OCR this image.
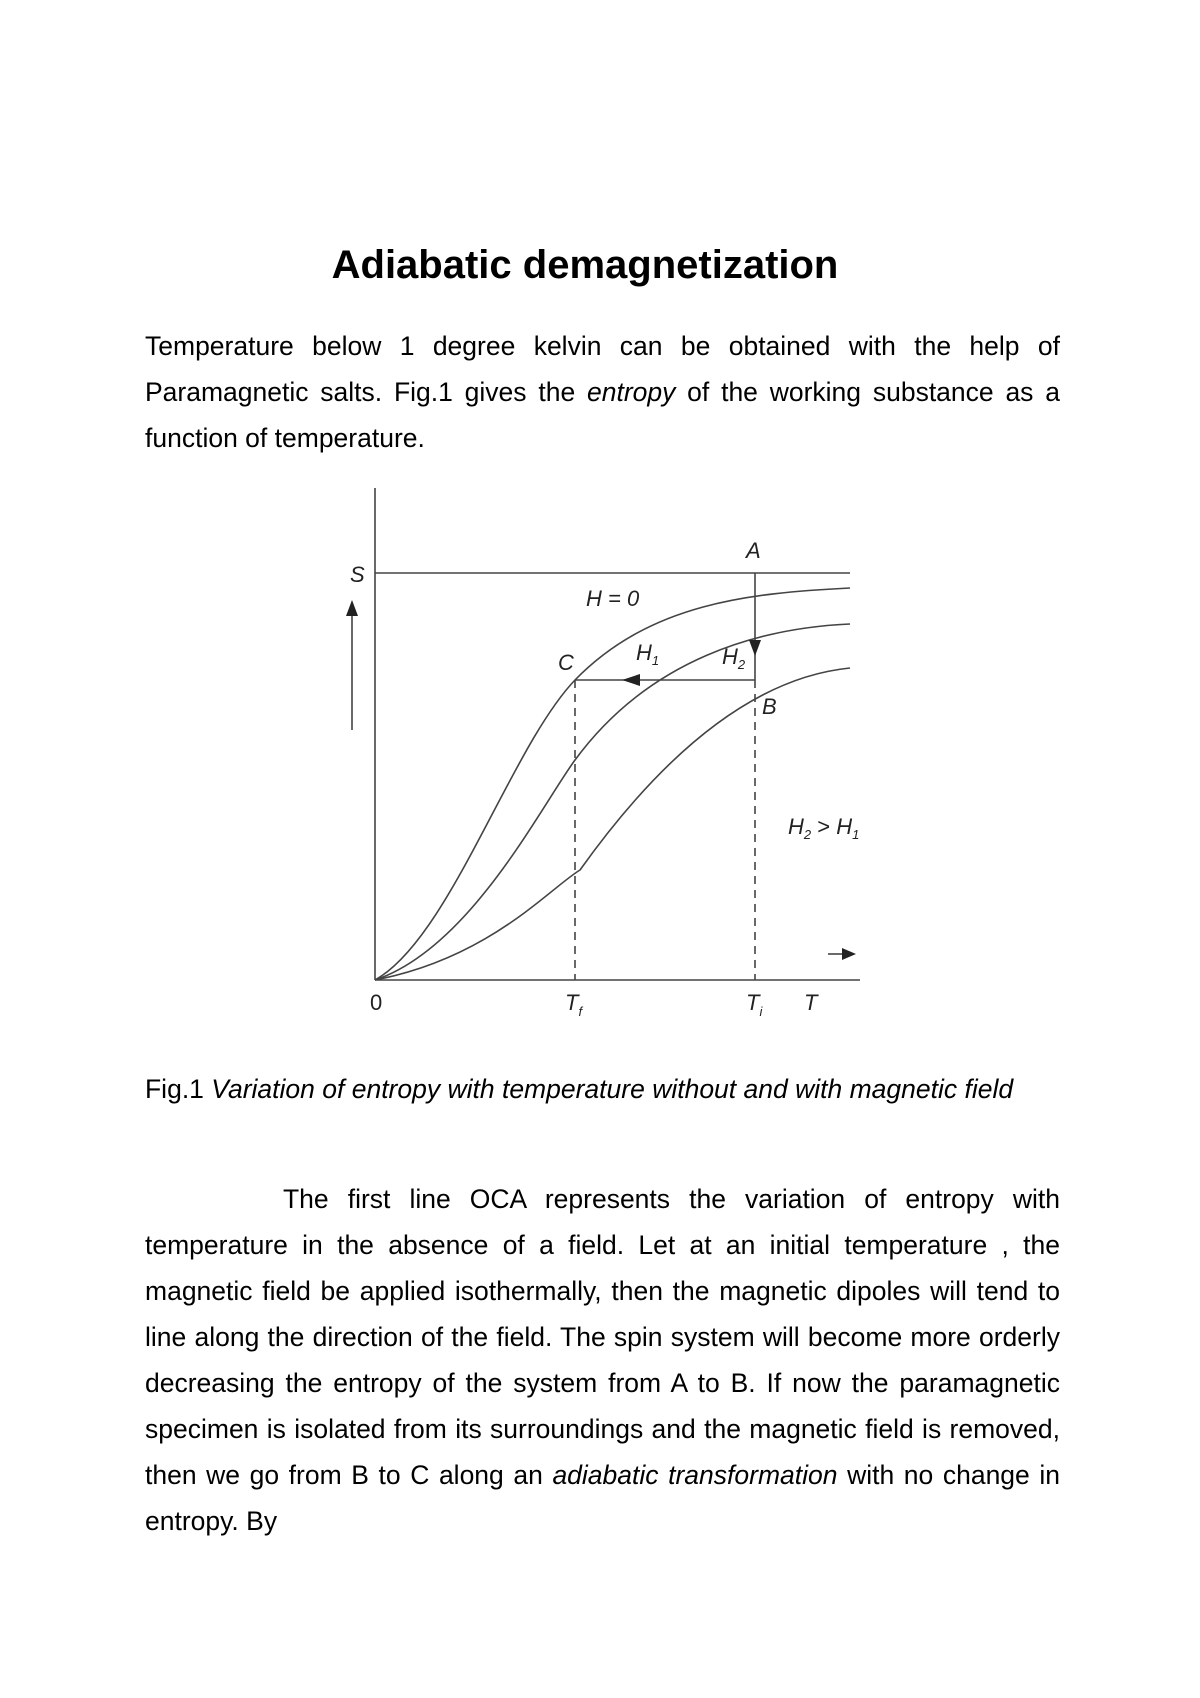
Adiabatic demagnetization

Temperature below 1 degree kelvin can be obtained with the help of Paramagnetic salts. Fig.1 gives the entropy of the working substance as a function of temperature.

S
0
H = 0
A
B
C	$H_1$	$H_2$
$H_2 > H_1$
$T_f$	$T_i$ T

Fig.1 Variation of entropy with temperature without and with magnetic field

The first line OCA represents the variation of entropy with temperature in the absence of a field. Let at an initial temperature , the magnetic field be applied isothermally, then the magnetic dipoles will tend to line along the direction of the field. The spin system will become more orderly decreasing the entropy of the system from A to B. If now the paramagnetic specimen is isolated from its surroundings and the magnetic field is removed, then we go from B to C along an adiabatic transformation with no change in entropy. By
